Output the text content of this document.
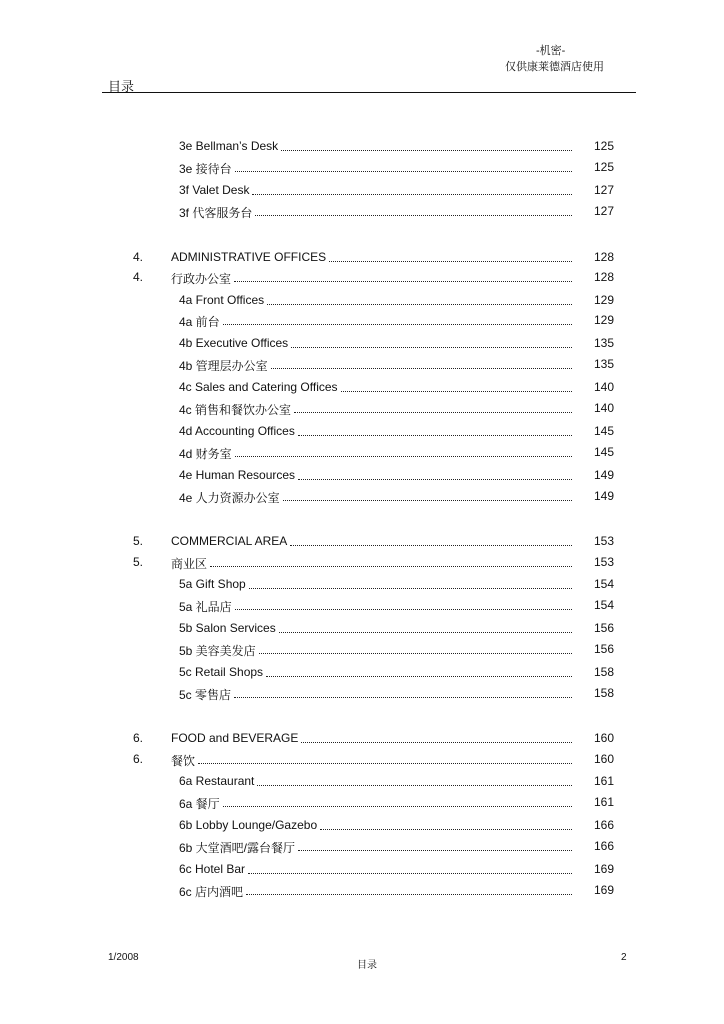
-机密-
仅供康莱德酒店使用
目录
3e Bellman’s Desk	125
3e 接待台	125
3f Valet Desk	127
3f 代客服务台	127
4. ADMINISTRATIVE OFFICES	128
4. 行政办公室	128
4a Front Offices	129
4a 前台	129
4b Executive Offices	135
4b 管理层办公室	135
4c Sales and Catering Offices	140
4c 销售和餐饮办公室	140
4d Accounting Offices	145
4d 财务室	145
4e Human Resources	149
4e 人力资源办公室	149
5. COMMERCIAL AREA	153
5. 商业区	153
5a Gift Shop	154
5a 礼品店	154
5b Salon Services	156
5b 美容美发店	156
5c Retail Shops	158
5c 零售店	158
6. FOOD and BEVERAGE	160
6. 餐饮	160
6a Restaurant	161
6a 餐厅	161
6b Lobby Lounge/Gazebo	166
6b 大堂酒吧/露台餐厅	166
6c Hotel Bar	169
6c 店内酒吧	169
1/2008
目录
2
